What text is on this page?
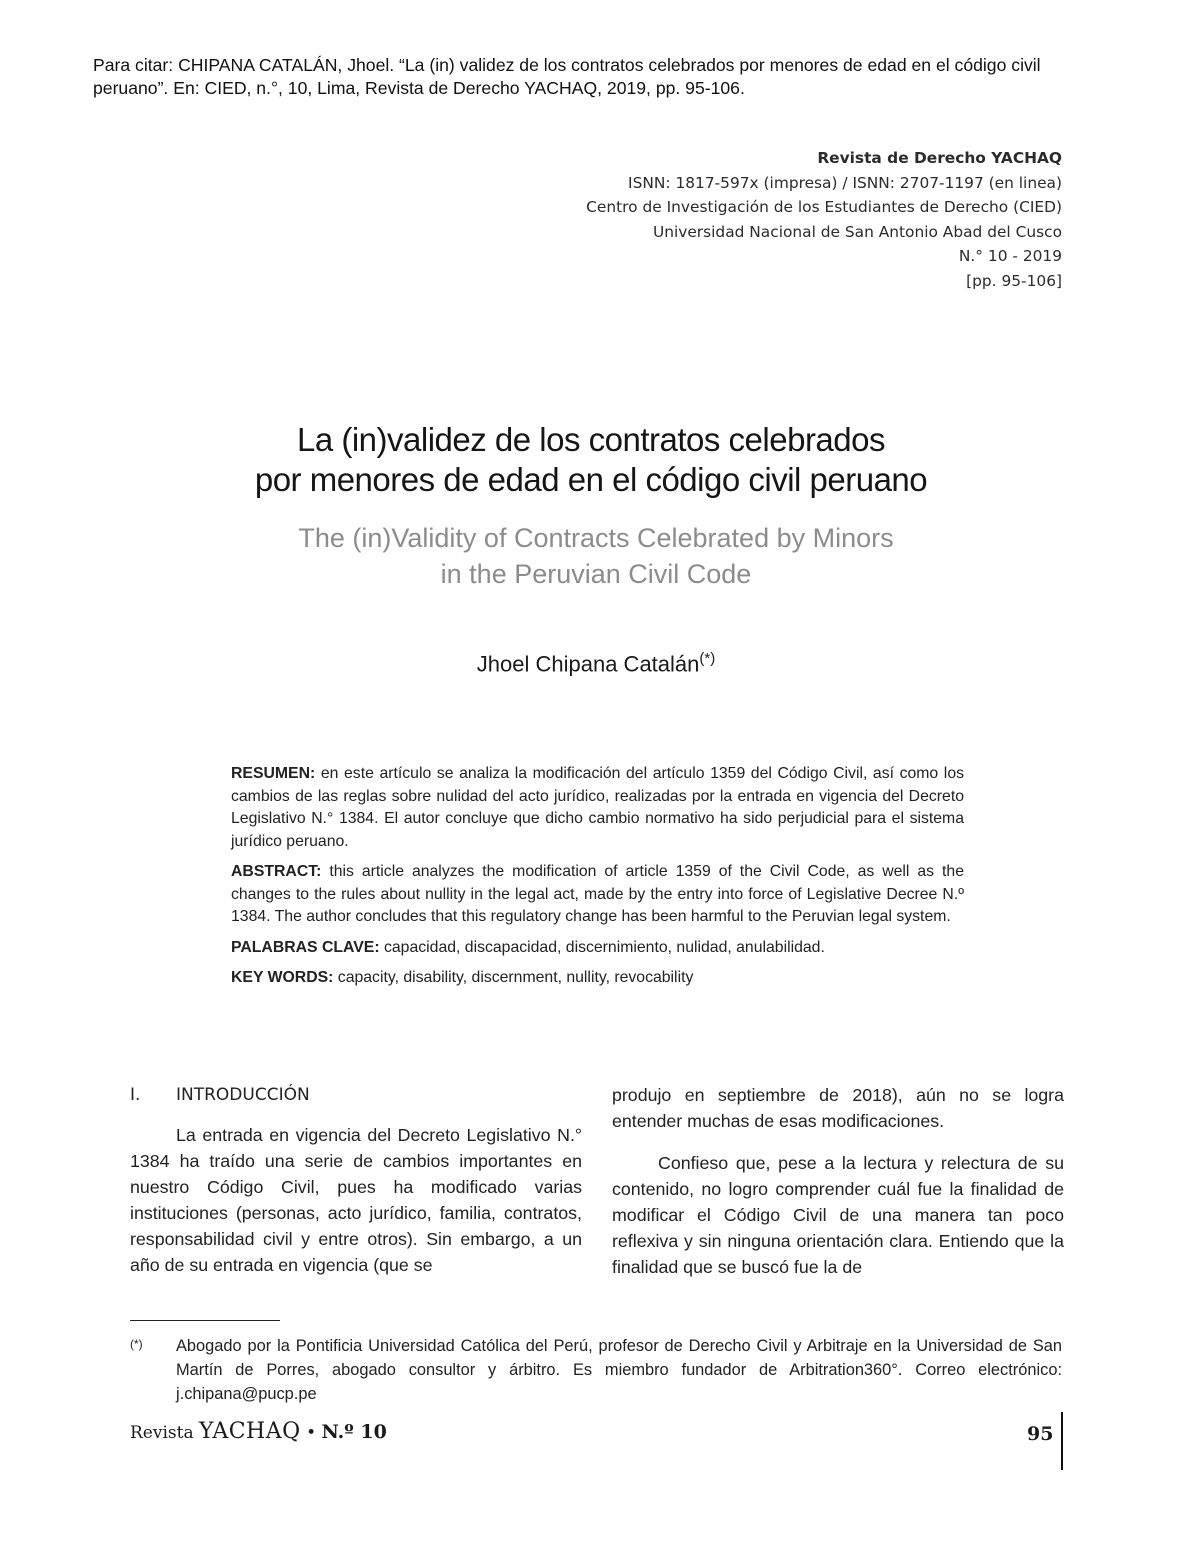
Para citar: CHIPANA CATALÁN, Jhoel. “La (in) validez de los contratos celebrados por menores de edad en el código civil peruano”. En: CIED, n.°, 10, Lima, Revista de Derecho YACHAQ, 2019, pp. 95-106.
Revista de Derecho YACHAQ
ISNN: 1817-597x (impresa) / ISNN: 2707-1197 (en linea)
Centro de Investigación de los Estudiantes de Derecho (CIED)
Universidad Nacional de San Antonio Abad del Cusco
N.° 10 - 2019
[pp. 95-106]
La (in)validez de los contratos celebrados
por menores de edad en el código civil peruano
The (in)Validity of Contracts Celebrated by Minors
in the Peruvian Civil Code
Jhoel Chipana Catalán(*)

RESUMEN: en este artículo se analiza la modificación del artículo 1359 del Código Civil, así como los cambios de las reglas sobre nulidad del acto jurídico, realizadas por la entrada en vigencia del Decreto Legislativo N.° 1384. El autor concluye que dicho cambio normativo ha sido perjudicial para el sistema jurídico peruano.

ABSTRACT: this article analyzes the modification of article 1359 of the Civil Code, as well as the changes to the rules about nullity in the legal act, made by the entry into force of Legislative Decree N.º 1384. The author concludes that this regulatory change has been harmful to the Peruvian legal system.

PALABRAS CLAVE: capacidad, discapacidad, discernimiento, nulidad, anulabilidad.

KEY WORDS: capacity, disability, discernment, nullity, revocability

I.	INTRODUCCIÓN

La entrada en vigencia del Decreto Legislativo N.° 1384 ha traído una serie de cambios importantes en nuestro Código Civil, pues ha modificado varias instituciones (personas, acto jurídico, familia, contratos, responsabilidad civil y entre otros). Sin embargo, a un año de su entrada en vigencia (que se

produjo en septiembre de 2018), aún no se logra entender muchas de esas modificaciones.

Confieso que, pese a la lectura y relectura de su contenido, no logro comprender cuál fue la finalidad de modificar el Código Civil de una manera tan poco reflexiva y sin ninguna orientación clara. Entiendo que la finalidad que se buscó fue la de

(*) Abogado por la Pontificia Universidad Católica del Perú, profesor de Derecho Civil y Arbitraje en la Universidad de San Martín de Porres, abogado consultor y árbitro. Es miembro fundador de Arbitration360°. Correo electrónico: j.chipana@pucp.pe
Revista YACHAQ • N.º 10	95
